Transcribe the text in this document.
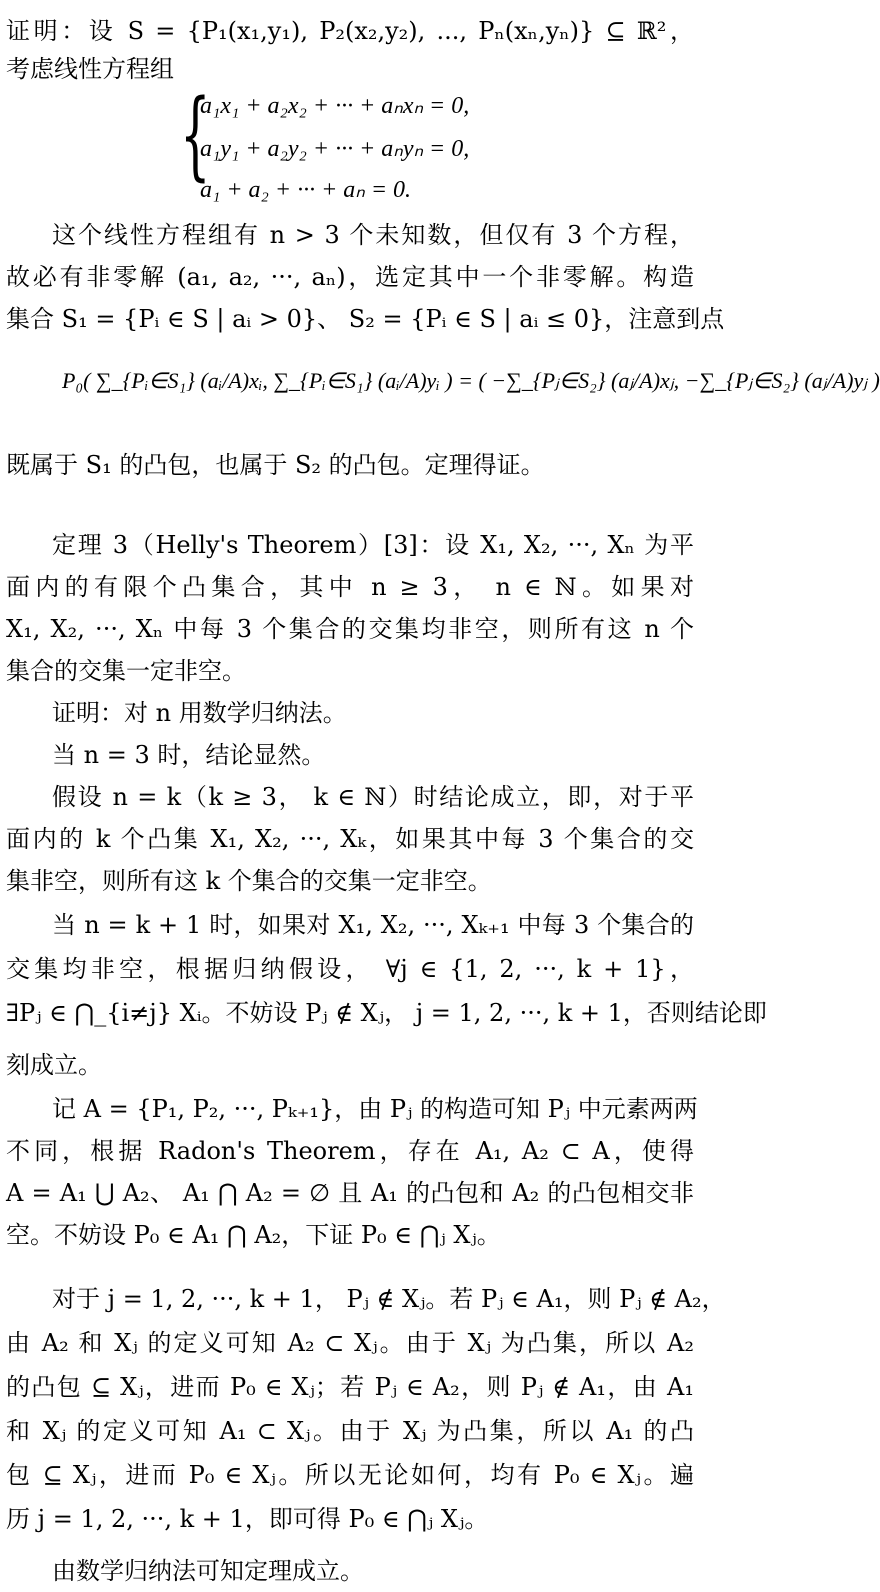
证明：设 S = {P₁(x₁,y₁), P₂(x₂,y₂), ..., Pₙ(xₙ,yₙ)} ⊆ ℝ²，
考虑线性方程组
{
a₁x₁ + a₂x₂ + ··· + aₙxₙ = 0,
a₁y₁ + a₂y₂ + ··· + aₙyₙ = 0,
a₁ + a₂ + ··· + aₙ = 0.
这个线性方程组有 n > 3 个未知数，但仅有 3 个方程，
故必有非零解 (a₁, a₂, ···, aₙ)，选定其中一个非零解。构造
集合 S₁ = {Pᵢ ∈ S | aᵢ > 0}、 S₂ = {Pᵢ ∈ S | aᵢ ≤ 0}，注意到点
P₀( ∑_{Pᵢ∈S₁} (aᵢ/A)xᵢ, ∑_{Pᵢ∈S₁} (aᵢ/A)yᵢ ) = ( −∑_{Pⱼ∈S₂} (aⱼ/A)xⱼ, −∑_{Pⱼ∈S₂} (aⱼ/A)yⱼ )
既属于 S₁ 的凸包，也属于 S₂ 的凸包。定理得证。
定理 3（Helly's Theorem）[3]：设 X₁, X₂, ···, Xₙ 为平
面内的有限个凸集合，其中 n ≥ 3， n ∈ ℕ。如果对
X₁, X₂, ···, Xₙ 中每 3 个集合的交集均非空，则所有这 n 个
集合的交集一定非空。
证明：对 n 用数学归纳法。
当 n = 3 时，结论显然。
假设 n = k（k ≥ 3， k ∈ ℕ）时结论成立，即，对于平
面内的 k 个凸集 X₁, X₂, ···, Xₖ，如果其中每 3 个集合的交
集非空，则所有这 k 个集合的交集一定非空。
当 n = k + 1 时，如果对 X₁, X₂, ···, Xₖ₊₁ 中每 3 个集合的
交集均非空，根据归纳假设， ∀j ∈ {1, 2, ···, k + 1}，
∃Pⱼ ∈ ⋂_{i≠j} Xᵢ。不妨设 Pⱼ ∉ Xⱼ， j = 1, 2, ···, k + 1，否则结论即
刻成立。
记 A = {P₁, P₂, ···, Pₖ₊₁}，由 Pⱼ 的构造可知 Pⱼ 中元素两两
不同，根据 Radon's Theorem，存在 A₁, A₂ ⊂ A，使得
A = A₁ ⋃ A₂、 A₁ ⋂ A₂ = ∅ 且 A₁ 的凸包和 A₂ 的凸包相交非
空。不妨设 P₀ ∈ A₁ ⋂ A₂，下证 P₀ ∈ ⋂ⱼ Xⱼ。
对于 j = 1, 2, ···, k + 1， Pⱼ ∉ Xⱼ。若 Pⱼ ∈ A₁，则 Pⱼ ∉ A₂，
由 A₂ 和 Xⱼ 的定义可知 A₂ ⊂ Xⱼ。由于 Xⱼ 为凸集，所以 A₂
的凸包 ⊆ Xⱼ，进而 P₀ ∈ Xⱼ；若 Pⱼ ∈ A₂，则 Pⱼ ∉ A₁，由 A₁
和 Xⱼ 的定义可知 A₁ ⊂ Xⱼ。由于 Xⱼ 为凸集，所以 A₁ 的凸
包 ⊆ Xⱼ，进而 P₀ ∈ Xⱼ。所以无论如何，均有 P₀ ∈ Xⱼ。遍
历 j = 1, 2, ···, k + 1，即可得 P₀ ∈ ⋂ⱼ Xⱼ。
由数学归纳法可知定理成立。
